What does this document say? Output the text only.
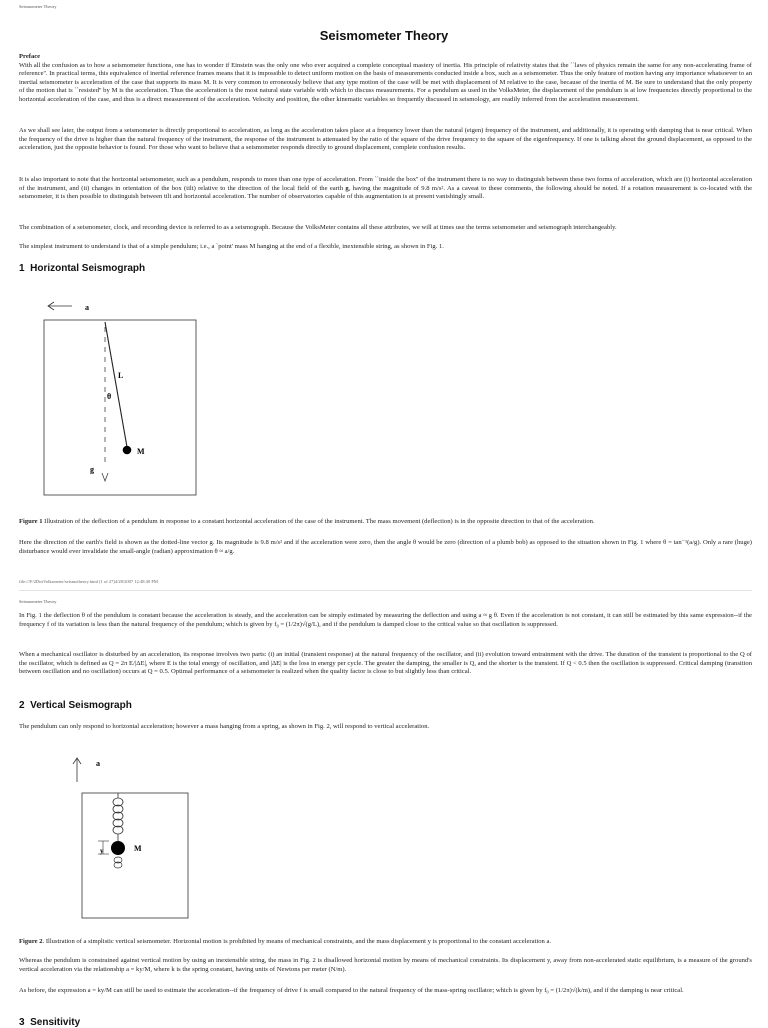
Seismometer Theory
Seismometer Theory

Preface
With all the confusion as to how a seismometer functions, one has to wonder if Einstein was the only one who ever acquired a complete conceptual mastery of inertia. His principle of relativity states that the ``laws of physics remain the same for any non-accelerating frame of reference''. In practical terms, this equivalence of inertial reference frames means that it is impossible to detect uniform motion on the basis of measurements conducted inside a box, such as a seismometer. Thus the only feature of motion having any importance whatsoever to an inertial seismometer is acceleration of the case that supports its mass M. It is very common to erroneously believe that any type motion of the case will be met with displacement of M relative to the case, because of the inertia of M. Be sure to understand that the only property of the motion that is ``resisted'' by M is the acceleration. Thus the acceleration is the most natural state variable with which to discuss measurements. For a pendulum as used in the VolksMeter, the displacement of the pendulum is at low frequencies directly proportional to the horizontal acceleration of the case, and thus is a direct measurement of the acceleration. Velocity and position, the other kinematic variables so frequently discussed in seismology, are readily inferred from the acceleration measurement.

As we shall see later, the output from a seismometer is directly proportional to acceleration, as long as the acceleration takes place at a frequency lower than the natural (eigen) frequency of the instrument, and additionally, it is operating with damping that is near critical. When the frequency of the drive is higher than the natural frequency of the instrument, the response of the instrument is attenuated by the ratio of the square of the drive frequency to the square of the eigenfrequency. If one is talking about the ground displacement, as opposed to the acceleration, just the opposite behavior is found. For those who want to believe that a seismometer responds directly to ground displacement, complete confusion results.

It is also important to note that the horizontal seismometer, such as a pendulum, responds to more than one type of acceleration. From ``inside the box'' of the instrument there is no way to distinguish between these two forms of acceleration, which are (i) horizontal acceleration of the instrument, and (ii) changes in orientation of the box (tilt) relative to the direction of the local field of the earth g, having the magnitude of 9.8 m/s². As a caveat to these comments, the following should be noted. If a rotation measurement is co-located with the seismometer, it is then possible to distinguish between tilt and horizontal acceleration. The number of observatories capable of this augmentation is at present vanishingly small.

The combination of a seismometer, clock, and recording device is referred to as a seismograph. Because the VolksMeter contains all these attributes, we will at times use the terms seismometer and seismograph interchangeably.

The simplest instrument to understand is that of a simple pendulum; i.e., a `point' mass M hanging at the end of a flexible, inextensible string, as shown in Fig. 1.

1 Horizontal Seismograph
a
L
θ
M
g

Figure 1 Illustration of the deflection of a pendulum in response to a constant horizontal acceleration of the case of the instrument. The mass movement (deflection) is in the opposite direction to that of the acceleration.

Here the direction of the earth's field is shown as the dotted-line vector g. Its magnitude is 9.8 m/s² and if the acceleration were zero, then the angle θ would be zero (direction of a plumb bob) as opposed to the situation shown in Fig. 1 where θ = tan⁻¹(a/g). Only a rare (huge) disturbance would ever invalidate the small-angle (radian) approximation θ ≈ a/g.

file:///F/2DirtVolksmeter/seismotheory.html (1 of 27)4/28/2007 12:48:30 PM
Seismometer Theory

In Fig. 1 the deflection θ of the pendulum is constant because the acceleration is steady, and the acceleration can be simply estimated by measuring the deflection and using a ≈ g θ. Even if the acceleration is not constant, it can still be estimated by this same expression--if the frequency f of its variation is less than the natural frequency of the pendulum; which is given by f₀ = (1/2π)√(g/L), and if the pendulum is damped close to the critical value so that oscillation is suppressed.

When a mechanical oscillator is disturbed by an acceleration, its response involves two parts: (i) an initial (transient response) at the natural frequency of the oscillator, and (ii) evolution toward entrainment with the drive. The duration of the transient is proportional to the Q of the oscillator, which is defined as Q = 2π E/|ΔE|, where E is the total energy of oscillation, and |ΔE| is the loss in energy per cycle. The greater the damping, the smaller is Q, and the shorter is the transient. If Q < 0.5 then the oscillation is suppressed. Critical damping (transition between oscillation and no oscillation) occurs at Q = 0.5. Optimal performance of a seismometer is realized when the quality factor is close to but slightly less than critical.

2 Vertical Seismograph

The pendulum can only respond to horizontal acceleration; however a mass hanging from a spring, as shown in Fig. 2, will respond to vertical acceleration.

a
M
y

Figure 2. Illustration of a simplistic vertical seismometer. Horizontal motion is prohibited by means of mechanical constraints, and the mass displacement y is proportional to the constant acceleration a.

Whereas the pendulum is constrained against vertical motion by using an inextensible string, the mass in Fig. 2 is disallowed horizontal motion by means of mechanical constraints. Its displacement y, away from non-accelerated static equilibrium, is a measure of the ground's vertical acceleration via the relationship a = ky/M, where k is the spring constant, having units of Newtons per meter (N/m).

As before, the expression a = ky/M can still be used to estimate the acceleration--if the frequency of drive f is small compared to the natural frequency of the mass-spring oscillator; which is given by f₀ = (1/2π)√(k/m), and if the damping is near critical.

3 Sensitivity
